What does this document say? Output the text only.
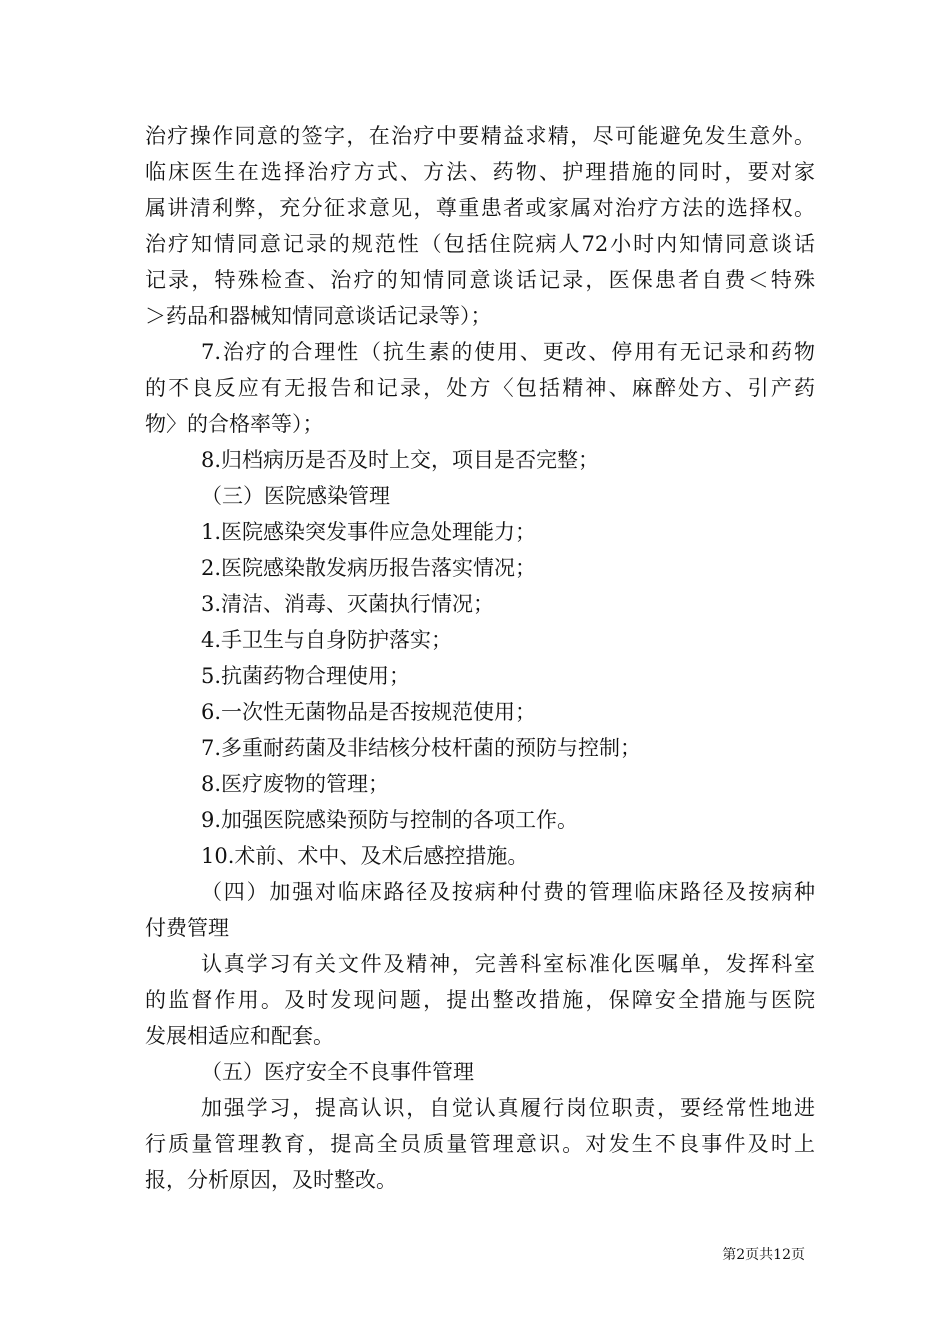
治疗操作同意的签字，在治疗中要精益求精，尽可能避免发生意外。
临床医生在选择治疗方式、方法、药物、护理措施的同时，要对家
属讲清利弊，充分征求意见，尊重患者或家属对治疗方法的选择权。
治疗知情同意记录的规范性（包括住院病人72小时内知情同意谈话
记录，特殊检查、治疗的知情同意谈话记录，医保患者自费＜特殊
＞药品和器械知情同意谈话记录等）；
7.治疗的合理性（抗生素的使用、更改、停用有无记录和药物
的不良反应有无报告和记录，处方〈包括精神、麻醉处方、引产药
物〉的合格率等）；
8.归档病历是否及时上交，项目是否完整；
（三）医院感染管理
1.医院感染突发事件应急处理能力；
2.医院感染散发病历报告落实情况；
3.清洁、消毒、灭菌执行情况；
4.手卫生与自身防护落实；
5.抗菌药物合理使用；
6.一次性无菌物品是否按规范使用；
7.多重耐药菌及非结核分枝杆菌的预防与控制；
8.医疗废物的管理；
9.加强医院感染预防与控制的各项工作。
10.术前、术中、及术后感控措施。
（四）加强对临床路径及按病种付费的管理临床路径及按病种
付费管理
认真学习有关文件及精神，完善科室标准化医嘱单，发挥科室
的监督作用。及时发现问题，提出整改措施，保障安全措施与医院
发展相适应和配套。
（五）医疗安全不良事件管理
加强学习，提高认识，自觉认真履行岗位职责，要经常性地进
行质量管理教育，提高全员质量管理意识。对发生不良事件及时上
报，分析原因，及时整改。
第2页共12页
